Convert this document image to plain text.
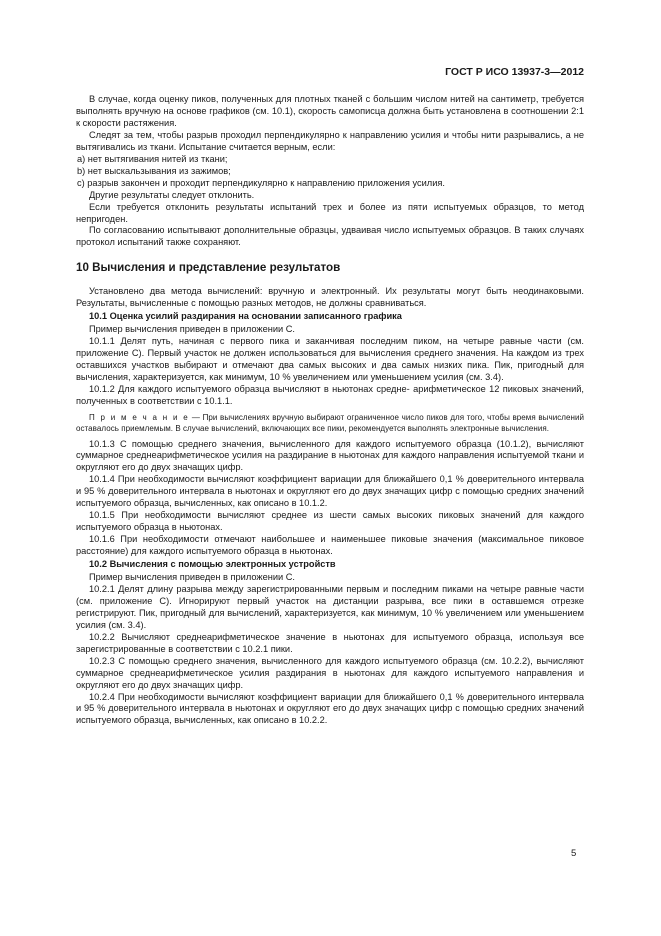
ГОСТ Р ИСО 13937-3—2012

В случае, когда оценку пиков, полученных для плотных тканей с большим числом нитей на сантиметр, требуется выполнять вручную на основе графиков (см. 10.1), скорость самописца должна быть установлена в соотношении 2:1 к скорости растяжения.

Следят за тем, чтобы разрыв проходил перпендикулярно к направлению усилия и чтобы нити разрывались, а не вытягивались из ткани. Испытание считается верным, если:

a) нет вытягивания нитей из ткани;

b) нет выскальзывания из зажимов;

c) разрыв закончен и проходит перпендикулярно к направлению приложения усилия.

Другие результаты следует отклонить.

Если требуется отклонить результаты испытаний трех и более из пяти испытуемых образцов, то метод непригоден.

По согласованию испытывают дополнительные образцы, удваивая число испытуемых образцов. В таких случаях протокол испытаний также сохраняют.

10 Вычисления и представление результатов

Установлено два метода вычислений: вручную и электронный. Их результаты могут быть неодинаковыми. Результаты, вычисленные с помощью разных методов, не должны сравниваться.

10.1 Оценка усилий раздирания на основании записанного графика

Пример вычисления приведен в приложении С.

10.1.1 Делят путь, начиная с первого пика и заканчивая последним пиком, на четыре равные части (см. приложение С). Первый участок не должен использоваться для вычисления среднего значения. На каждом из трех оставшихся участков выбирают и отмечают два самых высоких и два самых низких пика. Пик, пригодный для вычисления, характеризуется, как минимум, 10 % увеличением или уменьшением усилия (см. 3.4).

10.1.2 Для каждого испытуемого образца вычисляют в ньютонах средне- арифметическое 12 пиковых значений, полученных в соответствии с 10.1.1.

П р и м е ч а н и е — При вычислениях вручную выбирают ограниченное число пиков для того, чтобы время вычислений оставалось приемлемым. В случае вычислений, включающих все пики, рекомендуется выполнять электронные вычисления.

10.1.3 С помощью среднего значения, вычисленного для каждого испытуемого образца (10.1.2), вычисляют суммарное среднеарифметическое усилия на раздирание в ньютонах для каждого направления испытуемой ткани и округляют его до двух значащих цифр.

10.1.4 При необходимости вычисляют коэффициент вариации для ближайшего 0,1 % доверительного интервала и 95 % доверительного интервала в ньютонах и округляют его до двух значащих цифр с помощью средних значений испытуемого образца, вычисленных, как описано в 10.1.2.

10.1.5 При необходимости вычисляют среднее из шести самых высоких пиковых значений для каждого испытуемого образца в ньютонах.

10.1.6 При необходимости отмечают наибольшее и наименьшее пиковые значения (максимальное пиковое расстояние) для каждого испытуемого образца в ньютонах.

10.2 Вычисления с помощью электронных устройств

Пример вычисления приведен в приложении С.

10.2.1 Делят длину разрыва между зарегистрированными первым и последним пиками на четыре равные части (см. приложение С). Игнорируют первый участок на дистанции разрыва, все пики в оставшемся отрезке регистрируют. Пик, пригодный для вычислений, характеризуется, как минимум, 10 % увеличением или уменьшением усилия (см. 3.4).

10.2.2 Вычисляют среднеарифметическое значение в ньютонах для испытуемого образца, используя все зарегистрированные в соответствии с 10.2.1 пики.

10.2.3 С помощью среднего значения, вычисленного для каждого испытуемого образца (см. 10.2.2), вычисляют суммарное среднеарифметическое усилия раздирания в ньютонах для каждого испытуемого направления и округляют его до двух значащих цифр.

10.2.4 При необходимости вычисляют коэффициент вариации для ближайшего 0,1 % доверительного интервала и 95 % доверительного интервала в ньютонах и округляют его до двух значащих цифр с помощью средних значений испытуемого образца, вычисленных, как описано в 10.2.2.

5
